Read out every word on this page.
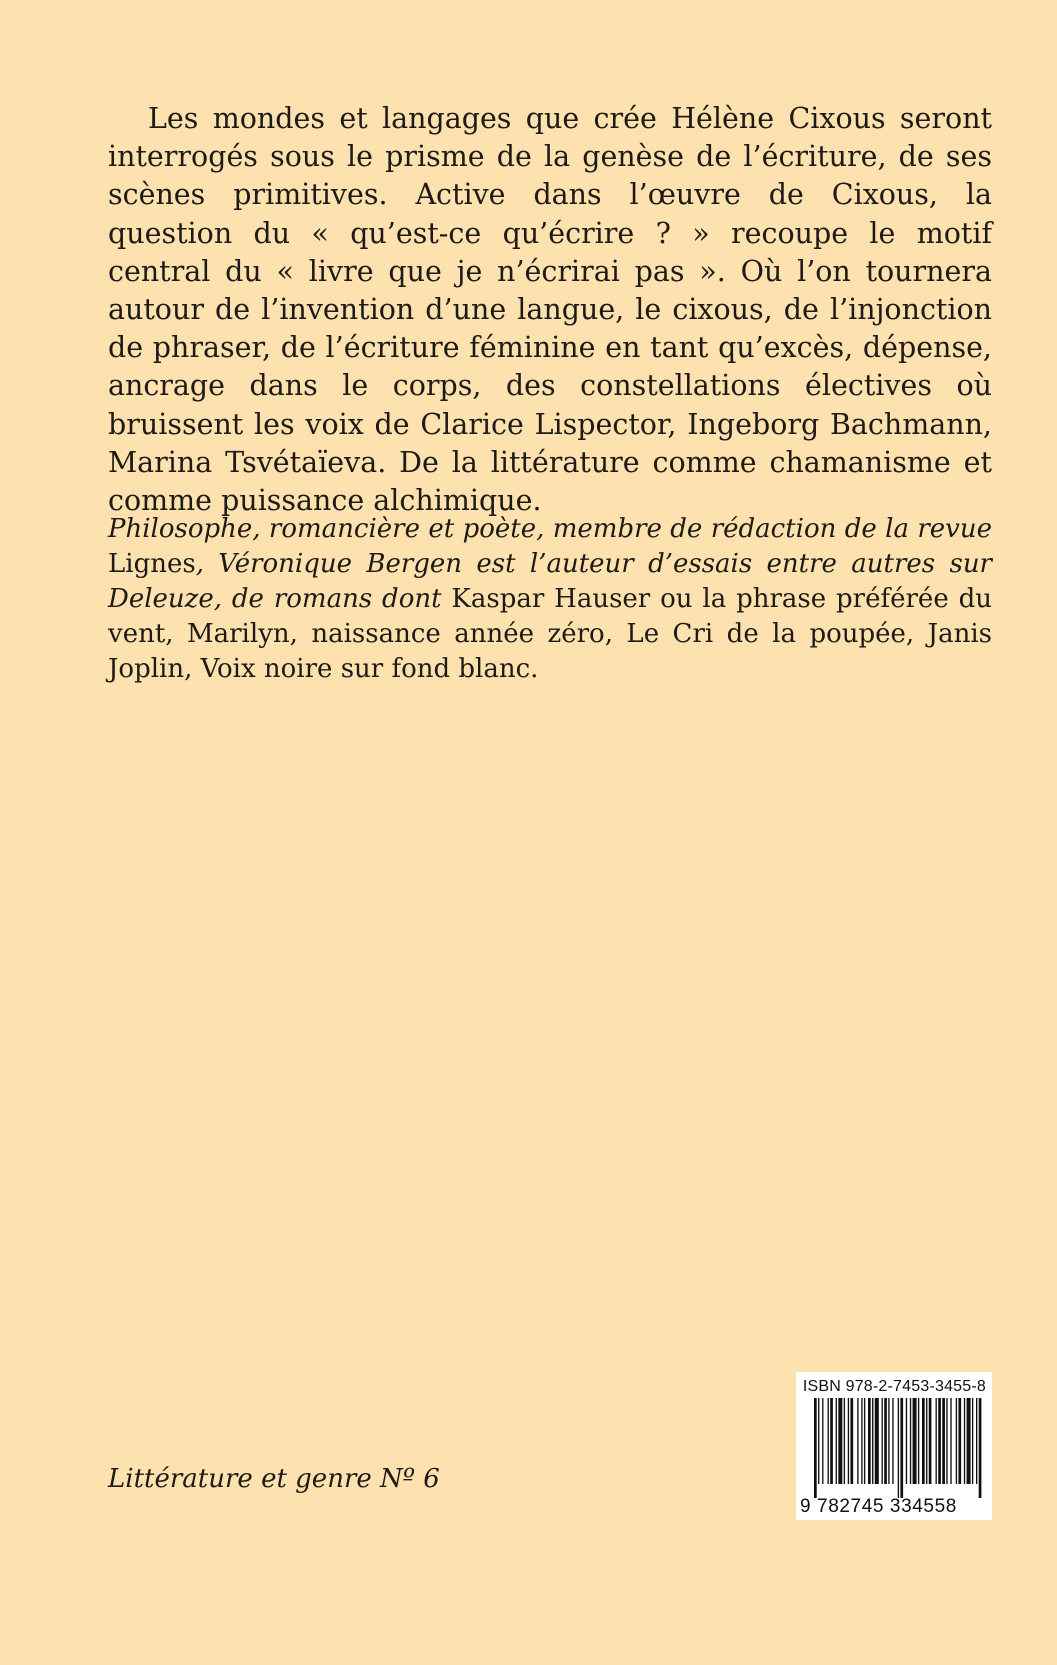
Les mondes et langages que crée Hélène Cixous seront interrogés sous le prisme de la genèse de l’écriture, de ses scènes primitives. Active dans l’œuvre de Cixous, la question du « qu’est-ce qu’écrire ? » recoupe le motif central du « livre que je n’écrirai pas ». Où l’on tournera autour de l’invention d’une langue, le cixous, de l’injonction de phraser, de l’écriture féminine en tant qu’excès, dépense, ancrage dans le corps, des constellations électives où bruissent les voix de Clarice Lispector, Ingeborg Bachmann, Marina Tsvétaïeva. De la littérature comme chamanisme et comme puissance alchimique.

Philosophe, romancière et poète, membre de rédaction de la revue Lignes, Véronique Bergen est l’auteur d’essais entre autres sur Deleuze, de romans dont Kaspar Hauser ou la phrase préférée du vent, Marilyn, naissance année zéro, Le Cri de la poupée, Janis Joplin, Voix noire sur fond blanc.

Littérature et genre Nº 6

ISBN 978-2-7453-3455-8
9 782745 334558
